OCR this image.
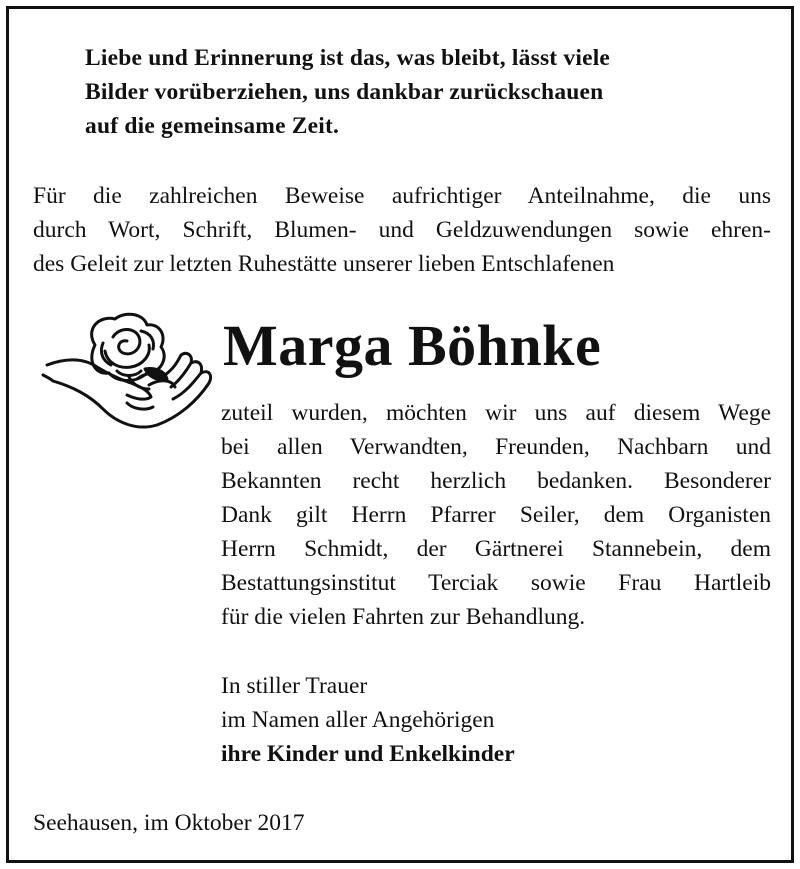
Liebe und Erinnerung ist das, was bleibt, lässt viele
Bilder vorüberziehen, uns dankbar zurückschauen
auf die gemeinsame Zeit.
Für die zahlreichen Beweise aufrichtiger Anteilnahme, die uns
durch Wort, Schrift, Blumen- und Geldzuwendungen sowie ehren-
des Geleit zur letzten Ruhestätte unserer lieben Entschlafenen
Marga Böhnke
zuteil wurden, möchten wir uns auf diesem Wege
bei allen Verwandten, Freunden, Nachbarn und
Bekannten recht herzlich bedanken. Besonderer
Dank gilt Herrn Pfarrer Seiler, dem Organisten
Herrn Schmidt, der Gärtnerei Stannebein, dem
Bestattungsinstitut Terciak sowie Frau Hartleib
für die vielen Fahrten zur Behandlung.
In stiller Trauer
im Namen aller Angehörigen
ihre Kinder und Enkelkinder
Seehausen, im Oktober 2017
